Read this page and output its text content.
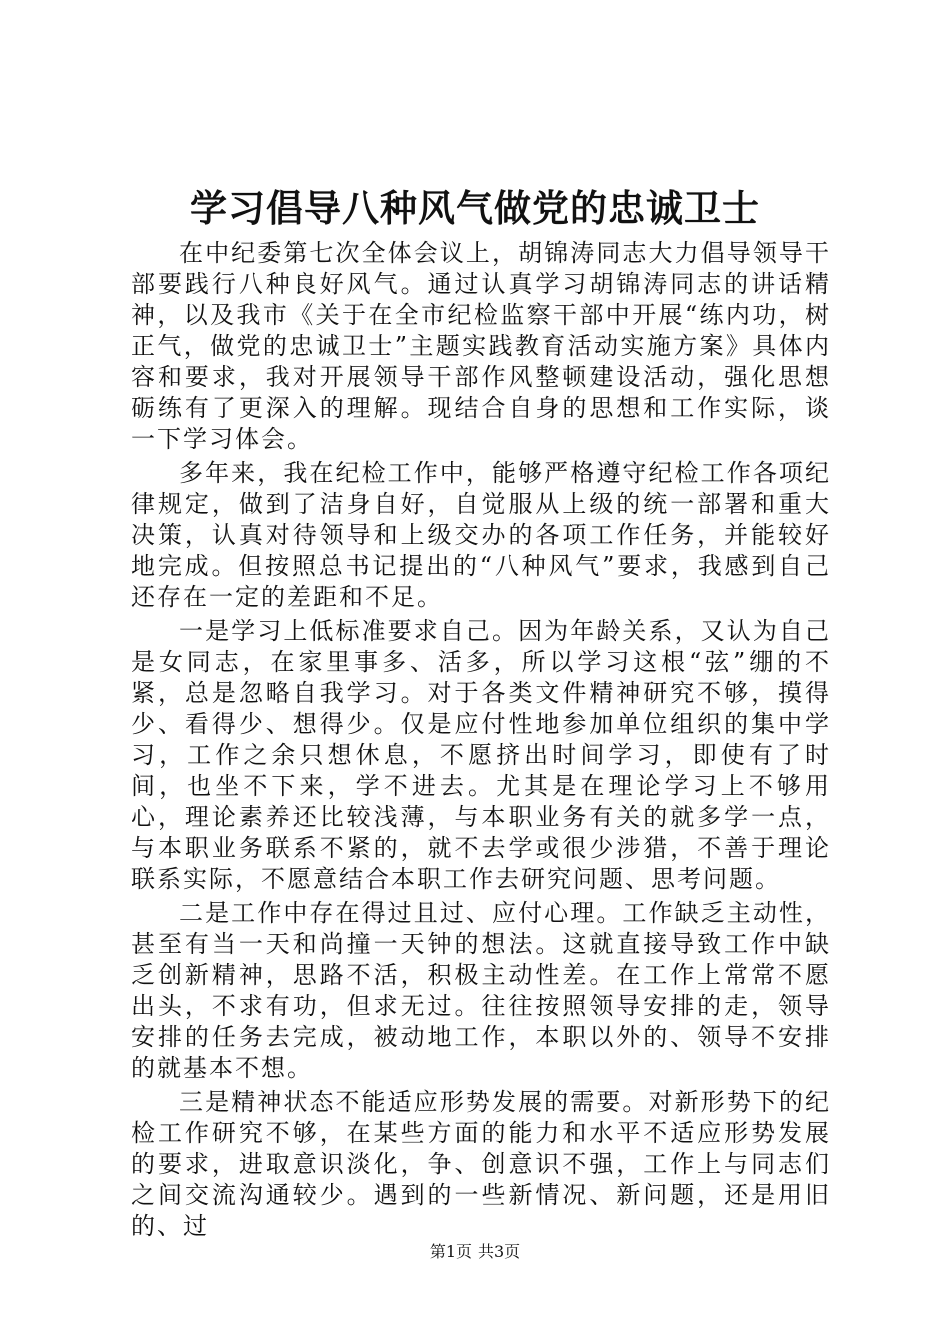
学习倡导八种风气做党的忠诚卫士

在中纪委第七次全体会议上，胡锦涛同志大力倡导领导干部要践行八种良好风气。通过认真学习胡锦涛同志的讲话精神，以及我市《关于在全市纪检监察干部中开展“练内功，树正气，做党的忠诚卫士”主题实践教育活动实施方案》具体内容和要求，我对开展领导干部作风整顿建设活动，强化思想砺练有了更深入的理解。现结合自身的思想和工作实际，谈一下学习体会。

多年来，我在纪检工作中，能够严格遵守纪检工作各项纪律规定，做到了洁身自好，自觉服从上级的统一部署和重大决策，认真对待领导和上级交办的各项工作任务，并能较好地完成。但按照总书记提出的“八种风气”要求，我感到自己还存在一定的差距和不足。

一是学习上低标准要求自己。因为年龄关系，又认为自己是女同志，在家里事多、活多，所以学习这根“弦”绷的不紧，总是忽略自我学习。对于各类文件精神研究不够，摸得少、看得少、想得少。仅是应付性地参加单位组织的集中学习，工作之余只想休息，不愿挤出时间学习，即使有了时间，也坐不下来，学不进去。尤其是在理论学习上不够用心，理论素养还比较浅薄，与本职业务有关的就多学一点，与本职业务联系不紧的，就不去学或很少涉猎，不善于理论联系实际，不愿意结合本职工作去研究问题、思考问题。

二是工作中存在得过且过、应付心理。工作缺乏主动性，甚至有当一天和尚撞一天钟的想法。这就直接导致工作中缺乏创新精神，思路不活，积极主动性差。在工作上常常不愿出头，不求有功，但求无过。往往按照领导安排的走，领导安排的任务去完成，被动地工作，本职以外的、领导不安排的就基本不想。

三是精神状态不能适应形势发展的需要。对新形势下的纪检工作研究不够，在某些方面的能力和水平不适应形势发展的要求，进取意识淡化，争、创意识不强，工作上与同志们之间交流沟通较少。遇到的一些新情况、新问题，还是用旧的、过

第1页 共3页
